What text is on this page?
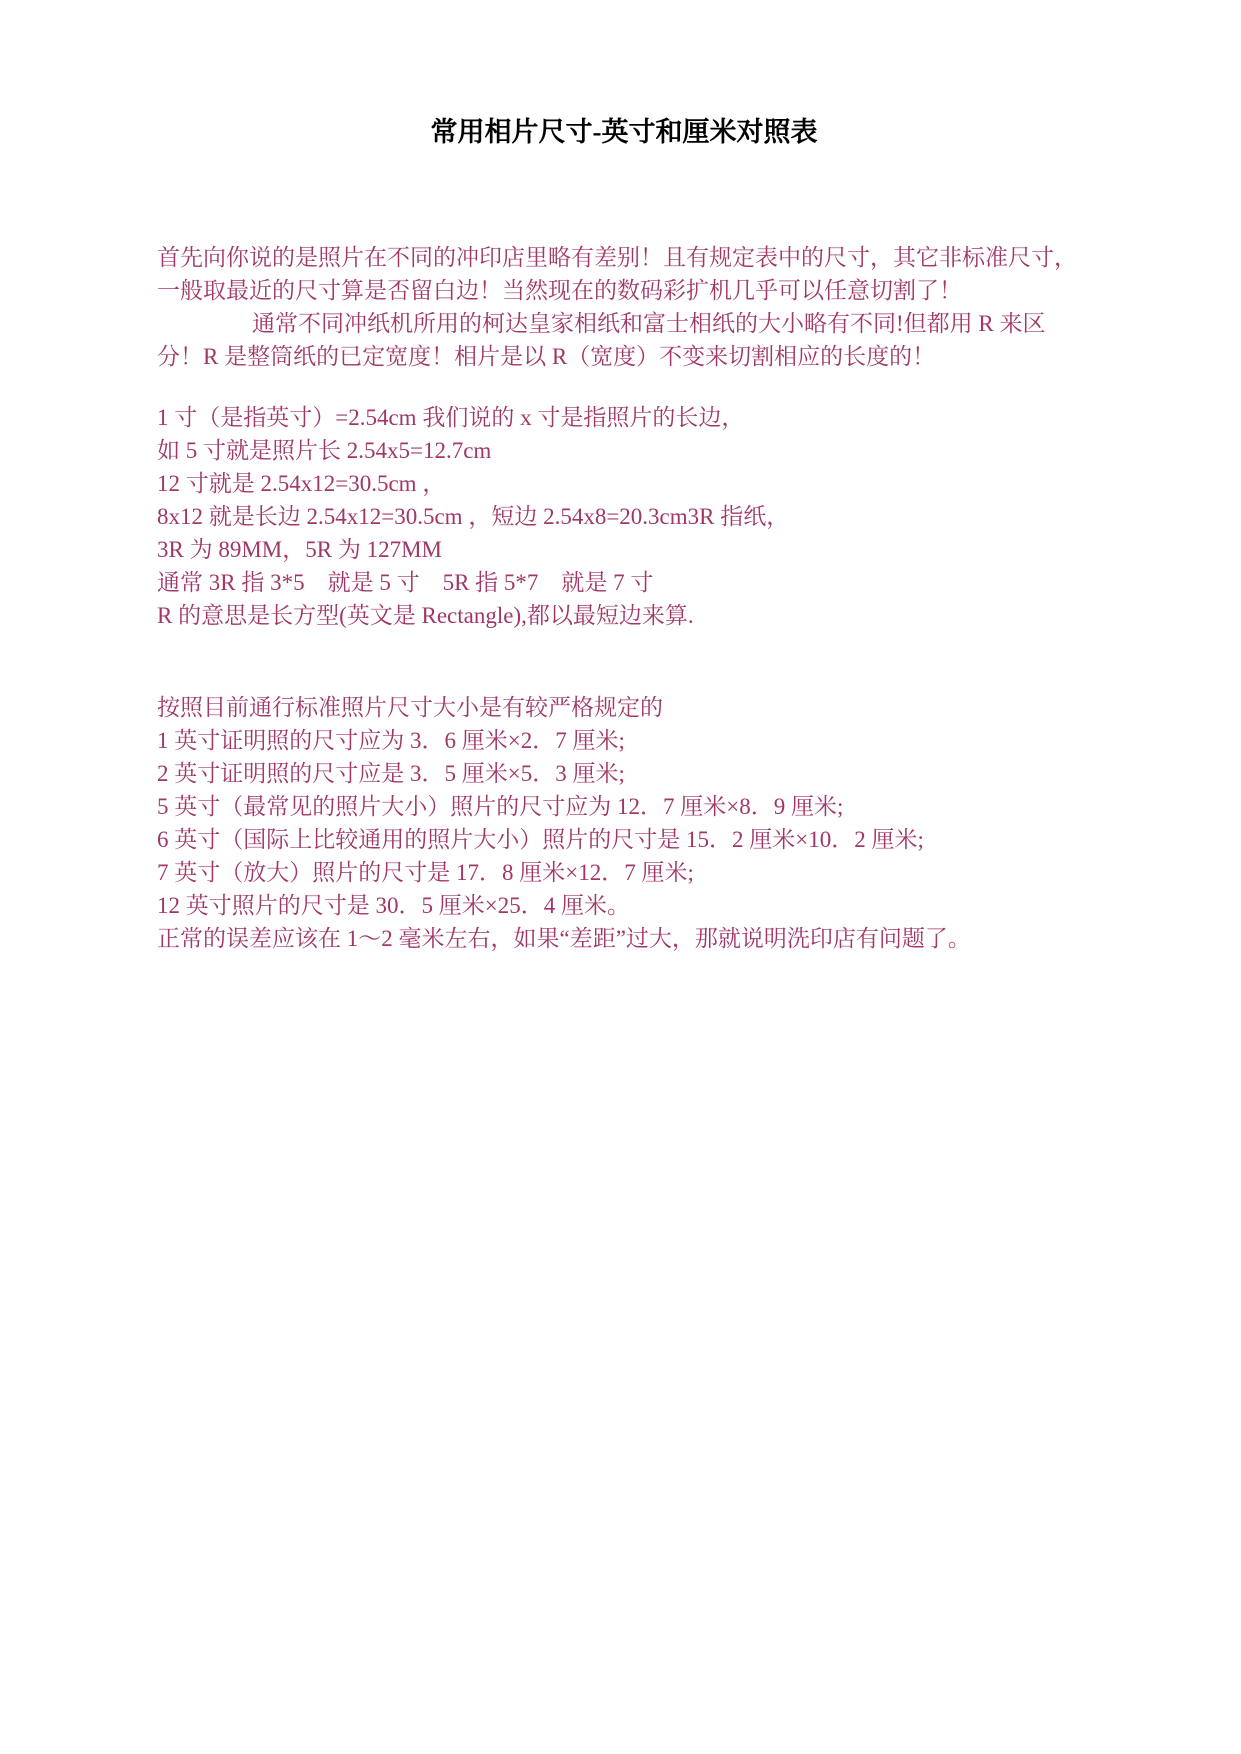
常用相片尺寸-英寸和厘米对照表
首先向你说的是照片在不同的冲印店里略有差别！且有规定表中的尺寸，其它非标准尺寸，
一般取最近的尺寸算是否留白边！当然现在的数码彩扩机几乎可以任意切割了！
通常不同冲纸机所用的柯达皇家相纸和富士相纸的大小略有不同!但都用 R 来区
分！R 是整筒纸的已定宽度！相片是以 R（宽度）不变来切割相应的长度的！
1 寸（是指英寸）=2.54cm 我们说的 x 寸是指照片的长边，
如 5 寸就是照片长 2.54x5=12.7cm
12 寸就是 2.54x12=30.5cm ，
8x12 就是长边 2.54x12=30.5cm ，短边 2.54x8=20.3cm3R 指纸，
3R 为 89MM，5R 为 127MM
通常 3R 指 3*5　就是 5 寸　5R 指 5*7　就是 7 寸
R 的意思是长方型(英文是 Rectangle),都以最短边来算.
按照目前通行标准照片尺寸大小是有较严格规定的
1 英寸证明照的尺寸应为 3．6 厘米×2．7 厘米;
2 英寸证明照的尺寸应是 3．5 厘米×5．3 厘米;
5 英寸（最常见的照片大小）照片的尺寸应为 12．7 厘米×8．9 厘米;
6 英寸（国际上比较通用的照片大小）照片的尺寸是 15．2 厘米×10．2 厘米;
7 英寸（放大）照片的尺寸是 17．8 厘米×12．7 厘米;
12 英寸照片的尺寸是 30．5 厘米×25．4 厘米。
正常的误差应该在 1～2 毫米左右，如果“差距”过大，那就说明洗印店有问题了。
